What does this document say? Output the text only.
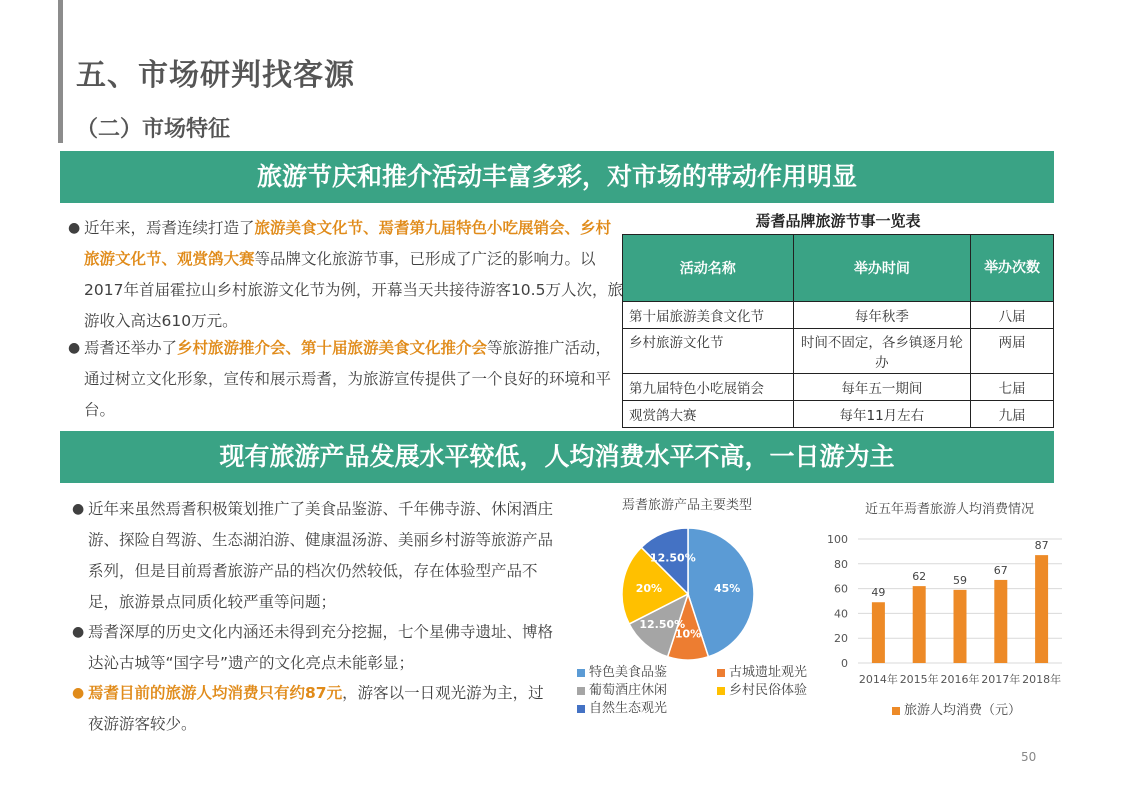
五、市场研判找客源
（二）市场特征
旅游节庆和推介活动丰富多彩，对市场的带动作用明显
● 近年来，焉耆连续打造了旅游美食文化节、焉耆第九届特色小吃展销会、乡村旅游文化节、观赏鸽大赛等品牌文化旅游节事，已形成了广泛的影响力。以2017年首届霍拉山乡村旅游文化节为例，开幕当天共接待游客10.5万人次，旅游收入高达610万元。
● 焉耆还举办了乡村旅游推介会、第十届旅游美食文化推介会等旅游推广活动，通过树立文化形象，宣传和展示焉耆，为旅游宣传提供了一个良好的环境和平台。
焉耆品牌旅游节事一览表
活动名称	举办时间	举办次数
第十届旅游美食文化节	每年秋季	八届
乡村旅游文化节	时间不固定，各乡镇逐月轮办	两届
第九届特色小吃展销会	每年五一期间	七届
观赏鸽大赛	每年11月左右	九届
现有旅游产品发展水平较低，人均消费水平不高，一日游为主
● 近年来虽然焉耆积极策划推广了美食品鉴游、千年佛寺游、休闲酒庄游、探险自驾游、生态湖泊游、健康温汤游、美丽乡村游等旅游产品系列，但是目前焉耆旅游产品的档次仍然较低，存在体验型产品不足，旅游景点同质化较严重等问题；
● 焉耆深厚的历史文化内涵还未得到充分挖掘，七个星佛寺遗址、博格达沁古城等“国字号”遗产的文化亮点未能彰显；
● 焉耆目前的旅游人均消费只有约87元，游客以一日观光游为主，过夜游游客较少。
焉耆旅游产品主要类型
45%
10%
12.50%
20%
12.50%
特色美食品鉴	古城遗址观光
葡萄酒庄休闲	乡村民俗体验
自然生态观光
近五年焉耆旅游人均消费情况
0
20
40
60
80
100
49
2014年
62
2015年
59
2016年
67
2017年
87
2018年
旅游人均消费（元）
50
